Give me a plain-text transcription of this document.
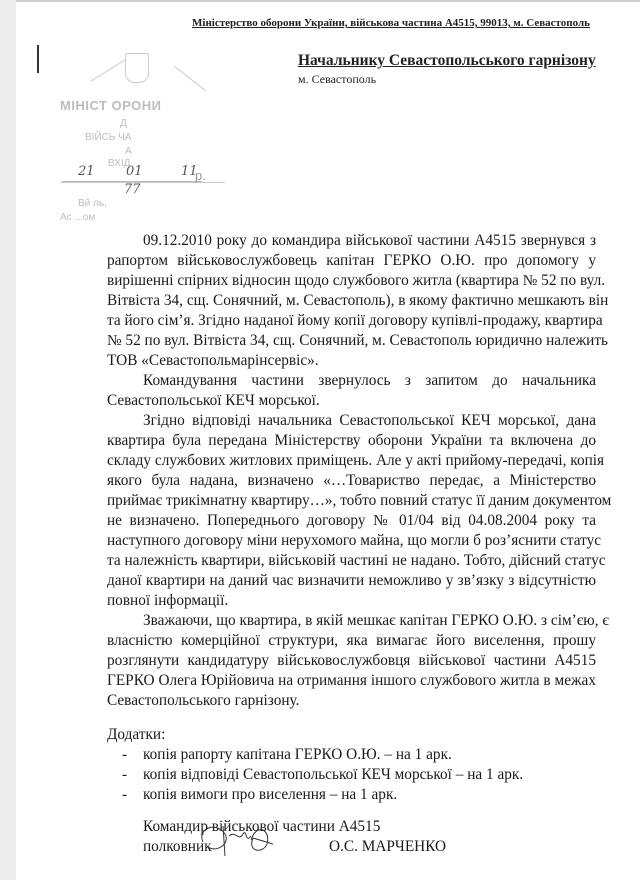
Міністерство оборони України, військова частина А4515, 99013, м. Севастополь
Начальнику Севастопольського гарнізону
м. Севастополь
МІНІСТ ОРОНИ
Д
ВІЙСЬ ЧА
А
ВХІД
Вй ль,
21 01	11
р.
77
Ас ...ом
09.12.2010 року до командира військової частини А4515 звернувся з
рапортом військовослужбовець капітан ГЕРКО О.Ю. про допомогу у
вирішенні спірних відносин щодо службового житла (квартира № 52 по вул.
Вітвіста 34, сщ. Сонячний, м. Севастополь), в якому фактично мешкають він
та його сім’я. Згідно наданої йому копії договору купівлі-продажу, квартира
№ 52 по вул. Вітвіста 34, сщ. Сонячний, м. Севастополь юридично належить
ТОВ «Севастопольмарінсервіс».
Командування частини звернулось з запитом до начальника
Севастопольської КЕЧ морської.
Згідно відповіді начальника Севастопольської КЕЧ морської, дана
квартира була передана Міністерству оборони України та включена до
складу службових житлових приміщень. Але у акті прийому-передачі, копія
якого була надана, визначено «…Товариство передає, а Міністерство
приймає трикімнатну квартиру…», тобто повний статус її даним документом
не визначено. Попереднього договору № 01/04 від 04.08.2004 року та
наступного договору міни нерухомого майна, що могли б роз’яснити статус
та належність квартири, військовій частині не надано. Тобто, дійсний статус
даної квартири на даний час визначити неможливо у зв’язку з відсутністю
повної інформації.
Зважаючи, що квартира, в якій мешкає капітан ГЕРКО О.Ю. з сім’єю, є
власністю комерційної структури, яка вимагає його виселення, прошу
розглянути кандидатуру військовослужбовця військової частини А4515
ГЕРКО Олега Юрійовича на отримання іншого службового житла в межах
Севастопольського гарнізону.
Додатки:
- копія рапорту капітана ГЕРКО О.Ю. – на 1 арк.
- копія відповіді Севастопольської КЕЧ морської – на 1 арк.
- копія вимоги про виселення – на 1 арк.
Командир військової частини А4515
полковник	О.С. МАРЧЕНКО
